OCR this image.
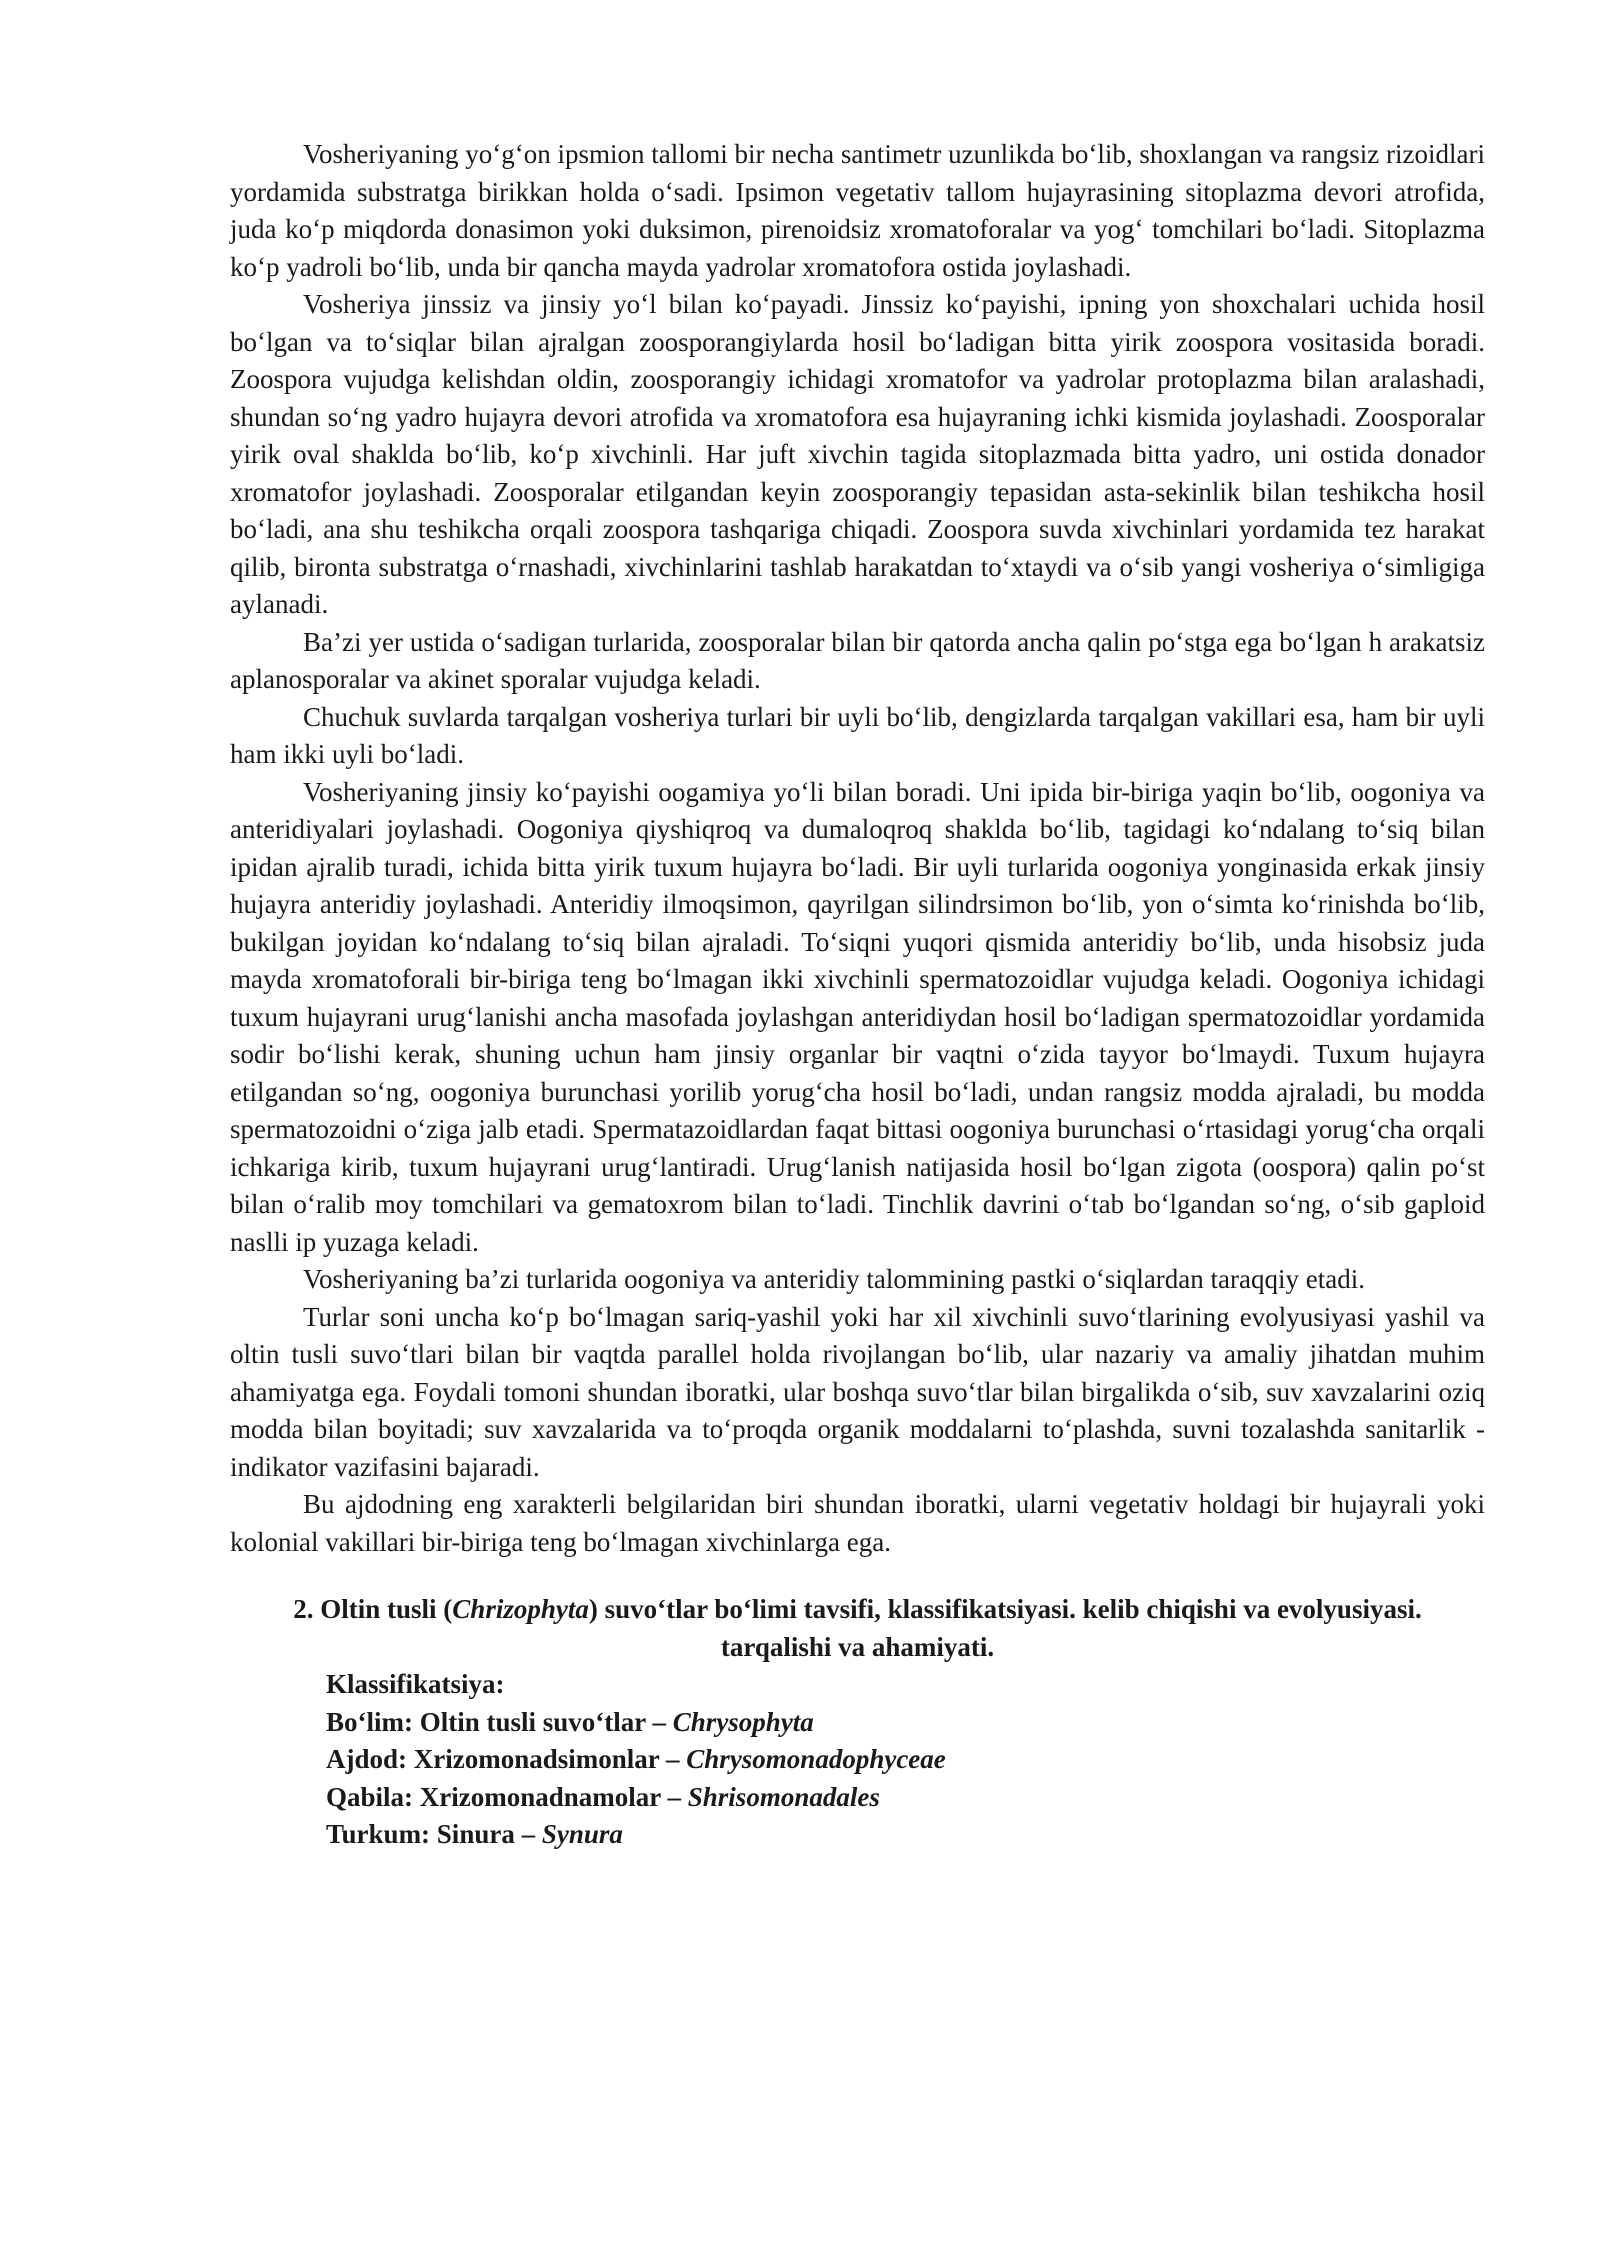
Vosheriyaning yo‘g‘on ipsmion tallomi bir necha santimetr uzunlikda bo‘lib, shoxlangan va rangsiz rizoidlari yordamida substratga birikkan holda o‘sadi. Ipsimon vegetativ tallom hujayrasining sitoplazma devori atrofida, juda ko‘p miqdorda donasimon yoki duksimon, pirenoidsiz xromatoforalar va yog‘ tomchilari bo‘ladi. Sitoplazma ko‘p yadroli bo‘lib, unda bir qancha mayda yadrolar xromatofora ostida joylashadi.

Vosheriya jinssiz va jinsiy yo‘l bilan ko‘payadi. Jinssiz ko‘payishi, ipning yon shoxchalari uchida hosil bo‘lgan va to‘siqlar bilan ajralgan zoosporangiylarda hosil bo‘ladigan bitta yirik zoospora vositasida boradi. Zoospora vujudga kelishdan oldin, zoosporangiy ichidagi xromatofor va yadrolar protoplazma bilan aralashadi, shundan so‘ng yadro hujayra devori atrofida va xromatofora esa hujayraning ichki kismida joylashadi. Zoosporalar yirik oval shaklda bo‘lib, ko‘p xivchinli. Har juft xivchin tagida sitoplazmada bitta yadro, uni ostida donador xromatofor joylashadi. Zoosporalar etilgandan keyin zoosporangiy tepasidan asta-sekinlik bilan teshikcha hosil bo‘ladi, ana shu teshikcha orqali zoospora tashqariga chiqadi. Zoospora suvda xivchinlari yordamida tez harakat qilib, bironta substratga o‘rnashadi, xivchinlarini tashlab harakatdan to‘xtaydi va o‘sib yangi vosheriya o‘simligiga aylanadi.

Ba’zi yer ustida o‘sadigan turlarida, zoosporalar bilan bir qatorda ancha qalin po‘stga ega bo‘lgan h arakatsiz aplanosporalar va akinet sporalar vujudga keladi.

Chuchuk suvlarda tarqalgan vosheriya turlari bir uyli bo‘lib, dengizlarda tarqalgan vakillari esa, ham bir uyli ham ikki uyli bo‘ladi.

Vosheriyaning jinsiy ko‘payishi oogamiya yo‘li bilan boradi. Uni ipida bir-biriga yaqin bo‘lib, oogoniya va anteridiyalari joylashadi. Oogoniya qiyshiqroq va dumaloqroq shaklda bo‘lib, tagidagi ko‘ndalang to‘siq bilan ipidan ajralib turadi, ichida bitta yirik tuxum hujayra bo‘ladi. Bir uyli turlarida oogoniya yonginasida erkak jinsiy hujayra anteridiy joylashadi. Anteridiy ilmoqsimon, qayrilgan silindrsimon bo‘lib, yon o‘simta ko‘rinishda bo‘lib, bukilgan joyidan ko‘ndalang to‘siq bilan ajraladi. To‘siqni yuqori qismida anteridiy bo‘lib, unda hisobsiz juda mayda xromatoforali bir-biriga teng bo‘lmagan ikki xivchinli spermatozoidlar vujudga keladi. Oogoniya ichidagi tuxum hujayrani urug‘lanishi ancha masofada joylashgan anteridiydan hosil bo‘ladigan spermatozoidlar yordamida sodir bo‘lishi kerak, shuning uchun ham jinsiy organlar bir vaqtni o‘zida tayyor bo‘lmaydi. Tuxum hujayra etilgandan so‘ng, oogoniya burunchasi yorilib yorug‘cha hosil bo‘ladi, undan rangsiz modda ajraladi, bu modda spermatozoidni o‘ziga jalb etadi. Spermatazoidlardan faqat bittasi oogoniya burunchasi o‘rtasidagi yorug‘cha orqali ichkariga kirib, tuxum hujayrani urug‘lantiradi. Urug‘lanish natijasida hosil bo‘lgan zigota (oospora) qalin po‘st bilan o‘ralib moy tomchilari va gematoxrom bilan to‘ladi. Tinchlik davrini o‘tab bo‘lgandan so‘ng, o‘sib gaploid naslli ip yuzaga keladi.

Vosheriyaning ba’zi turlarida oogoniya va anteridiy talommining pastki o‘siqlardan taraqqiy etadi.

Turlar soni uncha ko‘p bo‘lmagan sariq-yashil yoki har xil xivchinli suvo‘tlarining evolyusiyasi yashil va oltin tusli suvo‘tlari bilan bir vaqtda parallel holda rivojlangan bo‘lib, ular nazariy va amaliy jihatdan muhim ahamiyatga ega. Foydali tomoni shundan iboratki, ular boshqa suvo‘tlar bilan birgalikda o‘sib, suv xavzalarini oziq modda bilan boyitadi; suv xavzalarida va to‘proqda organik moddalarni to‘plashda, suvni tozalashda sanitarlik - indikator vazifasini bajaradi.

Bu ajdodning eng xarakterli belgilaridan biri shundan iboratki, ularni vegetativ holdagi bir hujayrali yoki kolonial vakillari bir-biriga teng bo‘lmagan xivchinlarga ega.

2. Oltin tusli (Chrizophyta) suvo‘tlar bo‘limi tavsifi, klassifikatsiyasi. kelib chiqishi va evolyusiyasi. tarqalishi va ahamiyati.

Klassifikatsiya:
Bo‘lim: Oltin tusli suvo‘tlar – Chrysophyta
Ajdod: Xrizomonadsimonlar – Chrysomonadophyceae
Qabila: Xrizomonadnamolar – Shrisomonadales
Turkum: Sinura – Synura
